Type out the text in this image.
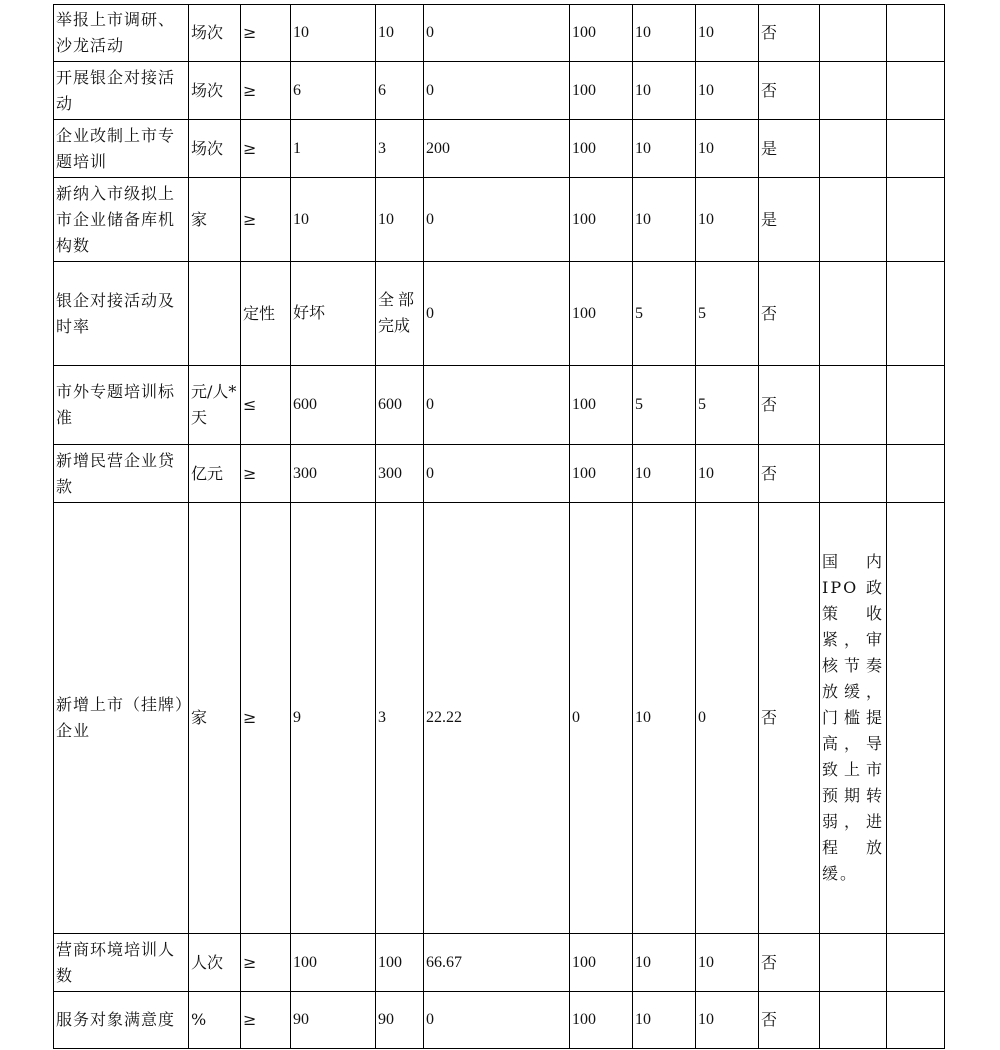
举报上市调研、沙龙活动	场次	≥	10	10	0	100	10	10	否		
开展银企对接活动	场次	≥	6	6	0	100	10	10	否		
企业改制上市专题培训	场次	≥	1	3	200	100	10	10	是		
新纳入市级拟上市企业储备库机构数	家	≥	10	10	0	100	10	10	是		
银企对接活动及时率		定性	好坏	全 部完成	0	100	5	5	否		
市外专题培训标准	元/人*天	≤	600	600	0	100	5	5	否		
新增民营企业贷款	亿元	≥	300	300	0	100	10	10	否		
新增上市（挂牌）企业	家	≥	9	3	22.22	0	10	0	否	国内IPO政策收紧，审核节奏放缓，门槛提高，导致上市预期转弱，进程放缓。	
营商环境培训人数	人次	≥	100	100	66.67	100	10	10	否		
服务对象满意度	%	≥	90	90	0	100	10	10	否		
